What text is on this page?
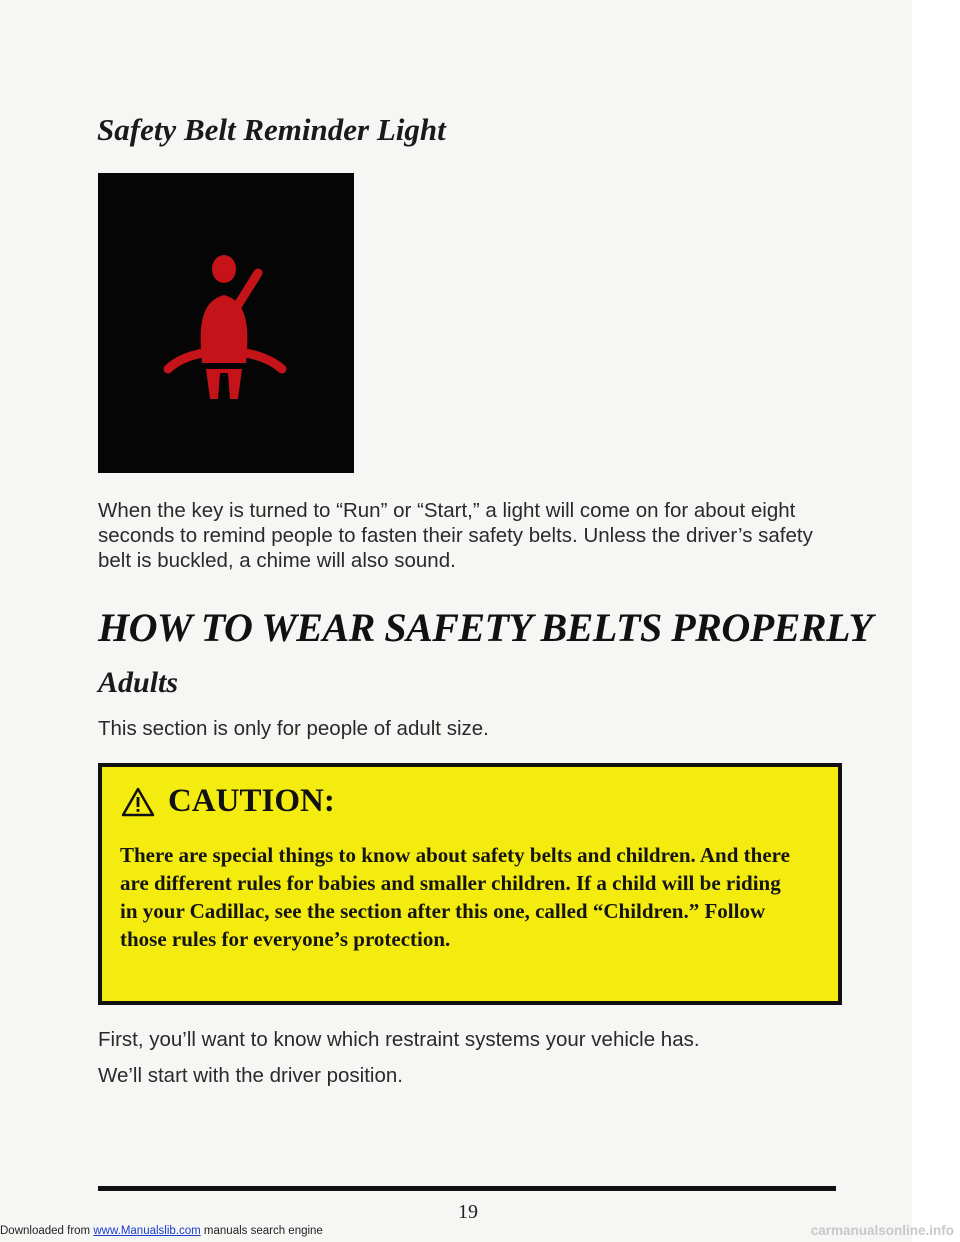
Safety Belt Reminder Light

When the key is turned to “Run” or “Start,” a light will come on for about eight seconds to remind people to fasten their safety belts. Unless the driver’s safety belt is buckled, a chime will also sound.

HOW TO WEAR SAFETY BELTS PROPERLY
Adults

This section is only for people of adult size.

CAUTION:

There are special things to know about safety belts and children. And there are different rules for babies and smaller children. If a child will be riding in your Cadillac, see the section after this one, called “Children.” Follow those rules for everyone’s protection.

First, you’ll want to know which restraint systems your vehicle has.

We’ll start with the driver position.

19
Downloaded from www.Manualslib.com manuals search engine	carmanualsonline.info
